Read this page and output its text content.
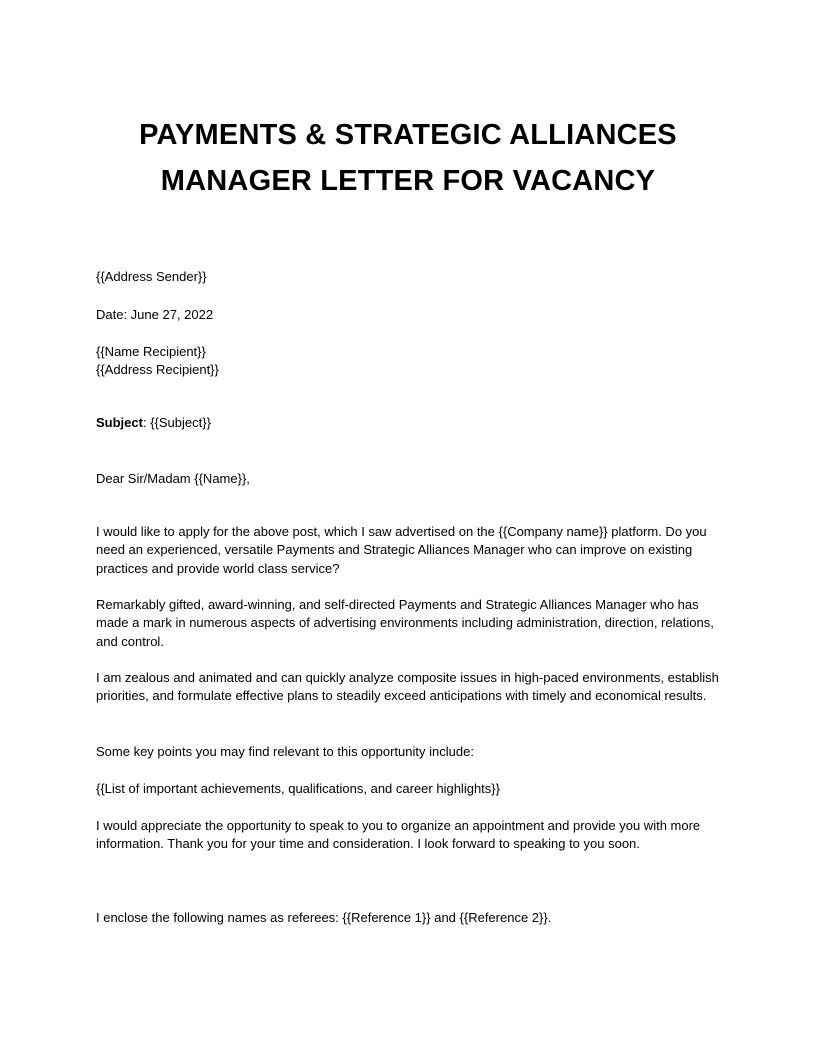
PAYMENTS & STRATEGIC ALLIANCES
MANAGER LETTER FOR VACANCY

{{Address Sender}}

Date: June 27, 2022

{{Name Recipient}}

{{Address Recipient}}

Subject: {{Subject}}

Dear Sir/Madam {{Name}},

I would like to apply for the above post, which I saw advertised on the {{Company name}} platform. Do you need an experienced, versatile Payments and Strategic Alliances Manager who can improve on existing practices and provide world class service?

Remarkably gifted, award-winning, and self-directed Payments and Strategic Alliances Manager who has made a mark in numerous aspects of advertising environments including administration, direction, relations, and control.

I am zealous and animated and can quickly analyze composite issues in high-paced environments, establish priorities, and formulate effective plans to steadily exceed anticipations with timely and economical results.

Some key points you may find relevant to this opportunity include:

{{List of important achievements, qualifications, and career highlights}}

I would appreciate the opportunity to speak to you to organize an appointment and provide you with more information. Thank you for your time and consideration. I look forward to speaking to you soon.

I enclose the following names as referees: {{Reference 1}} and {{Reference 2}}.
